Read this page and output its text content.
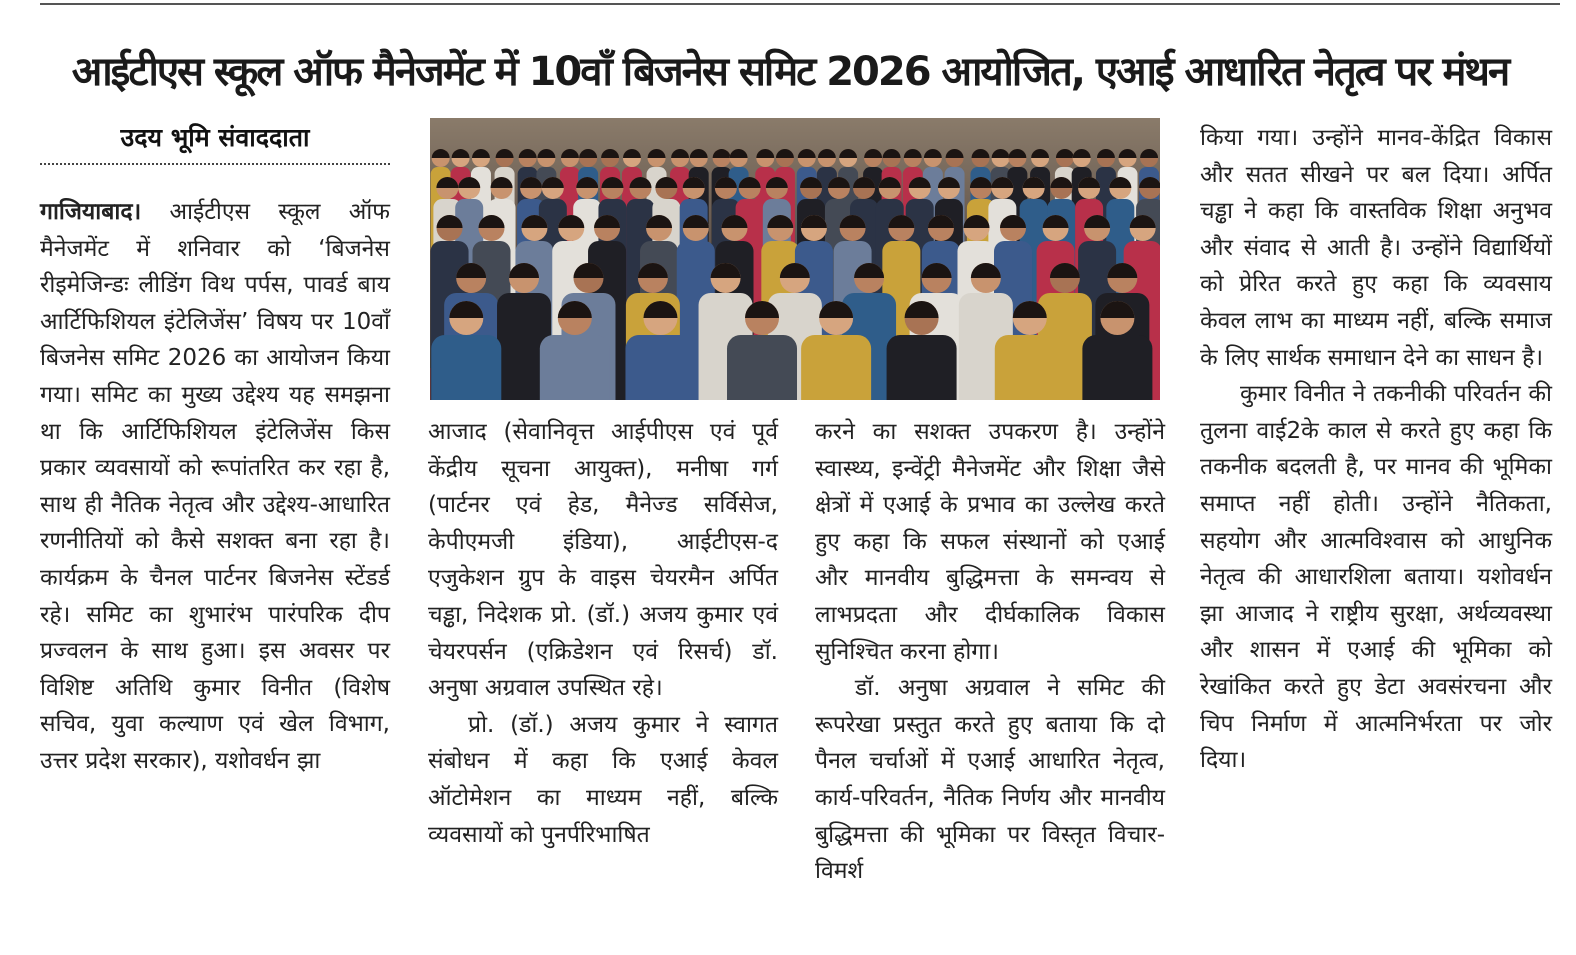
आईटीएस स्कूल ऑफ मैनेजमेंट में 10वाँ बिजनेस समिट 2026 आयोजित, एआई आधारित नेतृत्व पर मंथन
उदय भूमि संवाददाता

गाजियाबाद। आईटीएस स्कूल ऑफ मैनेजमेंट में शनिवार को ‘बिजनेस रीइमेजिन्डः लीडिंग विथ पर्पस, पावर्ड बाय आर्टिफिशियल इंटेलिजेंस’ विषय पर 10वाँ बिजनेस समिट 2026 का आयोजन किया गया। समिट का मुख्य उद्देश्य यह समझना था कि आर्टिफिशियल इंटेलिजेंस किस प्रकार व्यवसायों को रूपांतरित कर रहा है, साथ ही नैतिक नेतृत्व और उद्देश्य-आधारित रणनीतियों को कैसे सशक्त बना रहा है। कार्यक्रम के चैनल पार्टनर बिजनेस स्टेंडर्ड रहे। समिट का शुभारंभ पारंपरिक दीप प्रज्वलन के साथ हुआ। इस अवसर पर विशिष्ट अतिथि कुमार विनीत (विशेष सचिव, युवा कल्याण एवं खेल विभाग, उत्तर प्रदेश सरकार), यशोवर्धन झा

आजाद (सेवानिवृत्त आईपीएस एवं पूर्व केंद्रीय सूचना आयुक्त), मनीषा गर्ग (पार्टनर एवं हेड, मैनेज्ड सर्विसेज, केपीएमजी इंडिया), आईटीएस-द एजुकेशन ग्रुप के वाइस चेयरमैन अर्पित चड्ढा, निदेशक प्रो. (डॉ.) अजय कुमार एवं चेयरपर्सन (एक्रिडेशन एवं रिसर्च) डॉ. अनुषा अग्रवाल उपस्थित रहे।

प्रो. (डॉ.) अजय कुमार ने स्वागत संबोधन में कहा कि एआई केवल ऑटोमेशन का माध्यम नहीं, बल्कि व्यवसायों को पुनर्परिभाषित

करने का सशक्त उपकरण है। उन्होंने स्वास्थ्य, इन्वेंट्री मैनेजमेंट और शिक्षा जैसे क्षेत्रों में एआई के प्रभाव का उल्लेख करते हुए कहा कि सफल संस्थानों को एआई और मानवीय बुद्धिमत्ता के समन्वय से लाभप्रदता और दीर्घकालिक विकास सुनिश्चित करना होगा।

डॉ. अनुषा अग्रवाल ने समिट की रूपरेखा प्रस्तुत करते हुए बताया कि दो पैनल चर्चाओं में एआई आधारित नेतृत्व, कार्य-परिवर्तन, नैतिक निर्णय और मानवीय बुद्धिमत्ता की भूमिका पर विस्तृत विचार-विमर्श

किया गया। उन्होंने मानव-केंद्रित विकास और सतत सीखने पर बल दिया। अर्पित चड्ढा ने कहा कि वास्तविक शिक्षा अनुभव और संवाद से आती है। उन्होंने विद्यार्थियों को प्रेरित करते हुए कहा कि व्यवसाय केवल लाभ का माध्यम नहीं, बल्कि समाज के लिए सार्थक समाधान देने का साधन है।

कुमार विनीत ने तकनीकी परिवर्तन की तुलना वाई2के काल से करते हुए कहा कि तकनीक बदलती है, पर मानव की भूमिका समाप्त नहीं होती। उन्होंने नैतिकता, सहयोग और आत्मविश्वास को आधुनिक नेतृत्व की आधारशिला बताया। यशोवर्धन झा आजाद ने राष्ट्रीय सुरक्षा, अर्थव्यवस्था और शासन में एआई की भूमिका को रेखांकित करते हुए डेटा अवसंरचना और चिप निर्माण में आत्मनिर्भरता पर जोर दिया।
